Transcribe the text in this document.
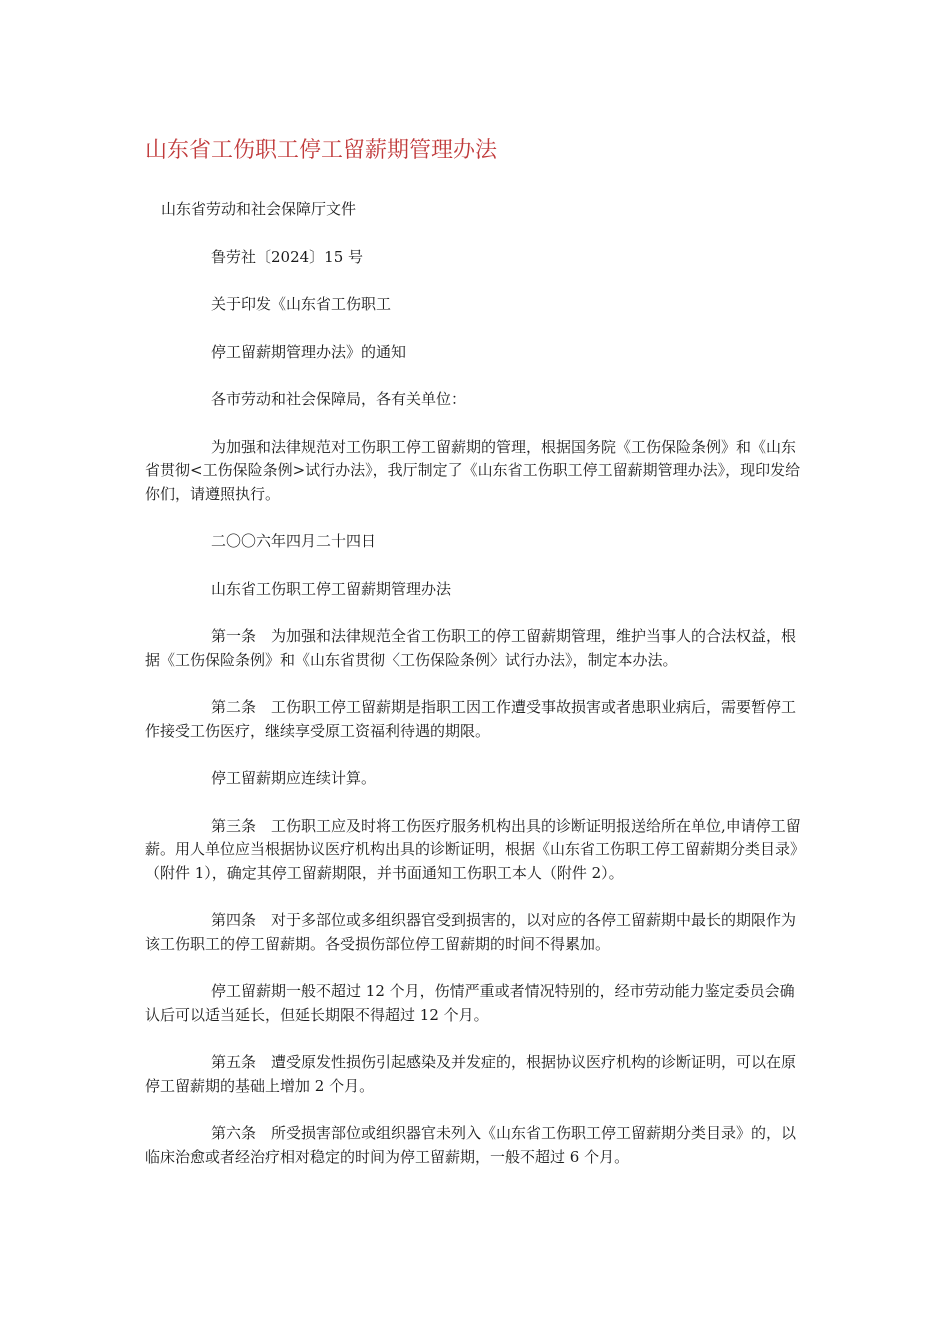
山东省工伤职工停工留薪期管理办法

山东省劳动和社会保障厅文件

鲁劳社〔2024〕15 号

关于印发《山东省工伤职工

停工留薪期管理办法》的通知

各市劳动和社会保障局，各有关单位：

为加强和法律规范对工伤职工停工留薪期的管理，根据国务院《工伤保险条例》和《山东省贯彻<工伤保险条例>试行办法》，我厅制定了《山东省工伤职工停工留薪期管理办法》，现印发给你们，请遵照执行。

二〇〇六年四月二十四日

山东省工伤职工停工留薪期管理办法

第一条　为加强和法律规范全省工伤职工的停工留薪期管理，维护当事人的合法权益，根据《工伤保险条例》和《山东省贯彻〈工伤保险条例〉试行办法》，制定本办法。

第二条　工伤职工停工留薪期是指职工因工作遭受事故损害或者患职业病后，需要暂停工作接受工伤医疗，继续享受原工资福利待遇的期限。

停工留薪期应连续计算。

第三条　工伤职工应及时将工伤医疗服务机构出具的诊断证明报送给所在单位,申请停工留薪。用人单位应当根据协议医疗机构出具的诊断证明，根据《山东省工伤职工停工留薪期分类目录》（附件 1），确定其停工留薪期限，并书面通知工伤职工本人（附件 2）。

第四条　对于多部位或多组织器官受到损害的，以对应的各停工留薪期中最长的期限作为该工伤职工的停工留薪期。各受损伤部位停工留薪期的时间不得累加。

停工留薪期一般不超过 12 个月，伤情严重或者情况特别的，经市劳动能力鉴定委员会确认后可以适当延长，但延长期限不得超过 12 个月。

第五条　遭受原发性损伤引起感染及并发症的，根据协议医疗机构的诊断证明，可以在原停工留薪期的基础上增加 2 个月。

第六条　所受损害部位或组织器官未列入《山东省工伤职工停工留薪期分类目录》的，以临床治愈或者经治疗相对稳定的时间为停工留薪期，一般不超过 6 个月。
